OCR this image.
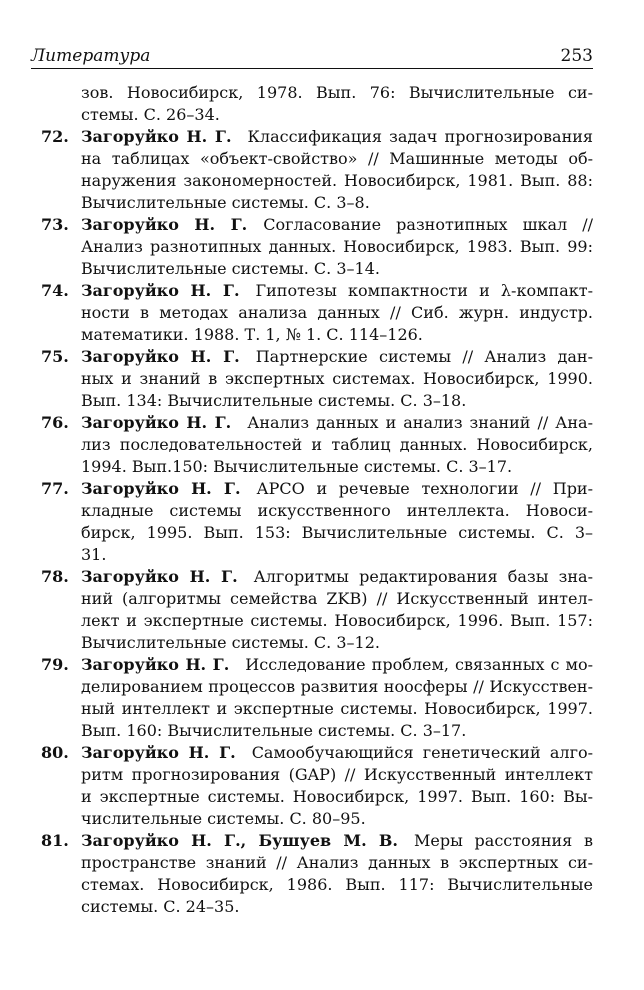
Литература	253
зов. Новосибирск, 1978. Вып. 76: Вычислительные си-
стемы. С. 26–34.
72. Загоруйко Н. Г.  Классификация задач прогнозирования
на таблицах «объект-свойство» // Машинные методы об-
наружения закономерностей. Новосибирск, 1981. Вып. 88:
Вычислительные системы. С. 3–8.
73. Загоруйко Н. Г.  Согласование разнотипных шкал //
Анализ разнотипных данных. Новосибирск, 1983. Вып. 99:
Вычислительные системы. С. 3–14.
74. Загоруйко Н. Г.  Гипотезы компактности и λ-компакт-
ности в методах анализа данных // Сиб. журн. индустр.
математики. 1988. Т. 1, № 1. С. 114–126.
75. Загоруйко Н. Г.  Партнерские системы // Анализ дан-
ных и знаний в экспертных системах. Новосибирск, 1990.
Вып. 134: Вычислительные системы. С. 3–18.
76. Загоруйко Н. Г.  Анализ данных и анализ знаний // Ана-
лиз последовательностей и таблиц данных. Новосибирск,
1994. Вып.150: Вычислительные системы. С. 3–17.
77. Загоруйко Н. Г.  АРСО и речевые технологии // При-
кладные системы искусственного интеллекта. Новоси-
бирск, 1995. Вып. 153: Вычислительные системы. С. 3–
31.
78. Загоруйко Н. Г.  Алгоритмы редактирования базы зна-
ний (алгоритмы семейства ZKB) // Искусственный интел-
лект и экспертные системы. Новосибирск, 1996. Вып. 157:
Вычислительные системы. С. 3–12.
79. Загоруйко Н. Г.  Исследование проблем, связанных с мо-
делированием процессов развития ноосферы // Искусствен-
ный интеллект и экспертные системы. Новосибирск, 1997.
Вып. 160: Вычислительные системы. С. 3–17.
80. Загоруйко Н. Г.  Самообучающийся генетический алго-
ритм прогнозирования (GAP) // Искусственный интеллект
и экспертные системы. Новосибирск, 1997. Вып. 160: Вы-
числительные системы. С. 80–95.
81. Загоруйко Н. Г., Бушуев М. В.  Меры расстояния в
пространстве знаний // Анализ данных в экспертных си-
стемах. Новосибирск, 1986. Вып. 117: Вычислительные
системы. С. 24–35.
